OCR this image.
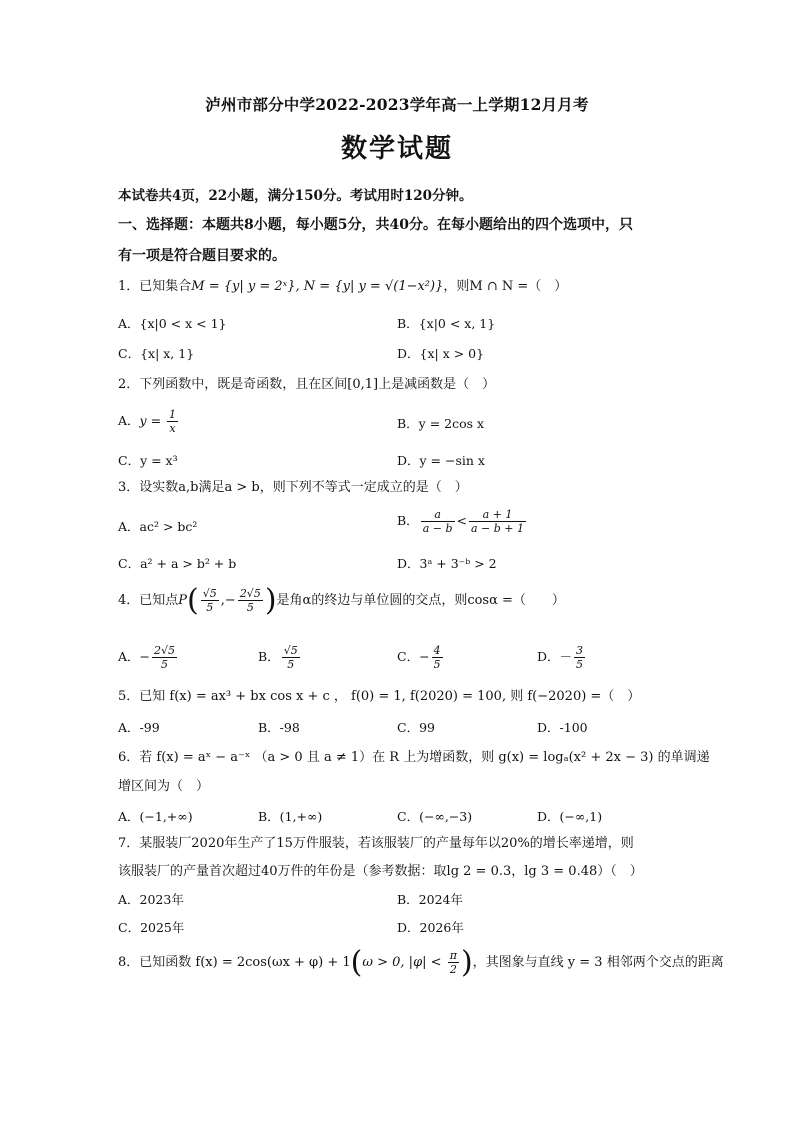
泸州市部分中学2022-2023学年高一上学期12月月考
数学试题
本试卷共4页，22小题，满分150分。考试用时120分钟。
一、选择题：本题共8小题，每小题5分，共40分。在每小题给出的四个选项中，只
有一项是符合题目要求的。
1．已知集合M = {y| y = 2ˣ}, N = {y| y = √(1−x²)}，则M ∩ N =（　）
A．{x|0 < x < 1}	B．{x|0 < x, 1}
C．{x| x, 1}	D．{x| x > 0}
2．下列函数中，既是奇函数，且在区间[0,1]上是减函数是（　）
A．$y = \frac{1}{x}$	B．y = 2cos x
C．y = x³	D．y = −sin x
3．设实数a,b满足a > b，则下列不等式一定成立的是（　）
A．ac² > bc²	B． $\frac{a}{a - b} < \frac{a + 1}{a - b + 1}$
C．a² + a > b² + b	D．3ᵃ + 3⁻ᵇ > 2
4．已知点$P( \frac{√5}{5}$ ,− $\frac{2√5}{5}$ )是角α的终边与单位圆的交点，则cosα =（　　）
A．− $\frac{2√5}{5}$	B． $\frac{√5}{5}$	C．− $\frac{4}{5}$	D．－ $\frac{3}{5}$
5．已知 f(x) = ax³ + bx cos x + c ， f(0) = 1, f(2020) = 100, 则 f(−2020) =（　）
A．-99	B．-98	C．99	D．-100
6．若 f(x) = aˣ − a⁻ˣ （a > 0 且 a ≠ 1）在 R 上为增函数，则 g(x) = logₐ(x² + 2x − 3) 的单调递
增区间为（　）
A．(−1,+∞)	B．(1,+∞)	C．(−∞,−3)	D．(−∞,1)
7．某服装厂2020年生产了15万件服装，若该服装厂的产量每年以20%的增长率递增，则
该服装厂的产量首次超过40万件的年份是（参考数据：取lg 2 = 0.3，lg 3 = 0.48）（　）
A．2023年	B．2024年
C．2025年	D．2026年
8．已知函数 f(x) = 2cos(ωx + φ) + 1(ω > 0, $|\varphi| < \frac{\pi}{2}$ )，其图象与直线 y = 3 相邻两个交点的距离
